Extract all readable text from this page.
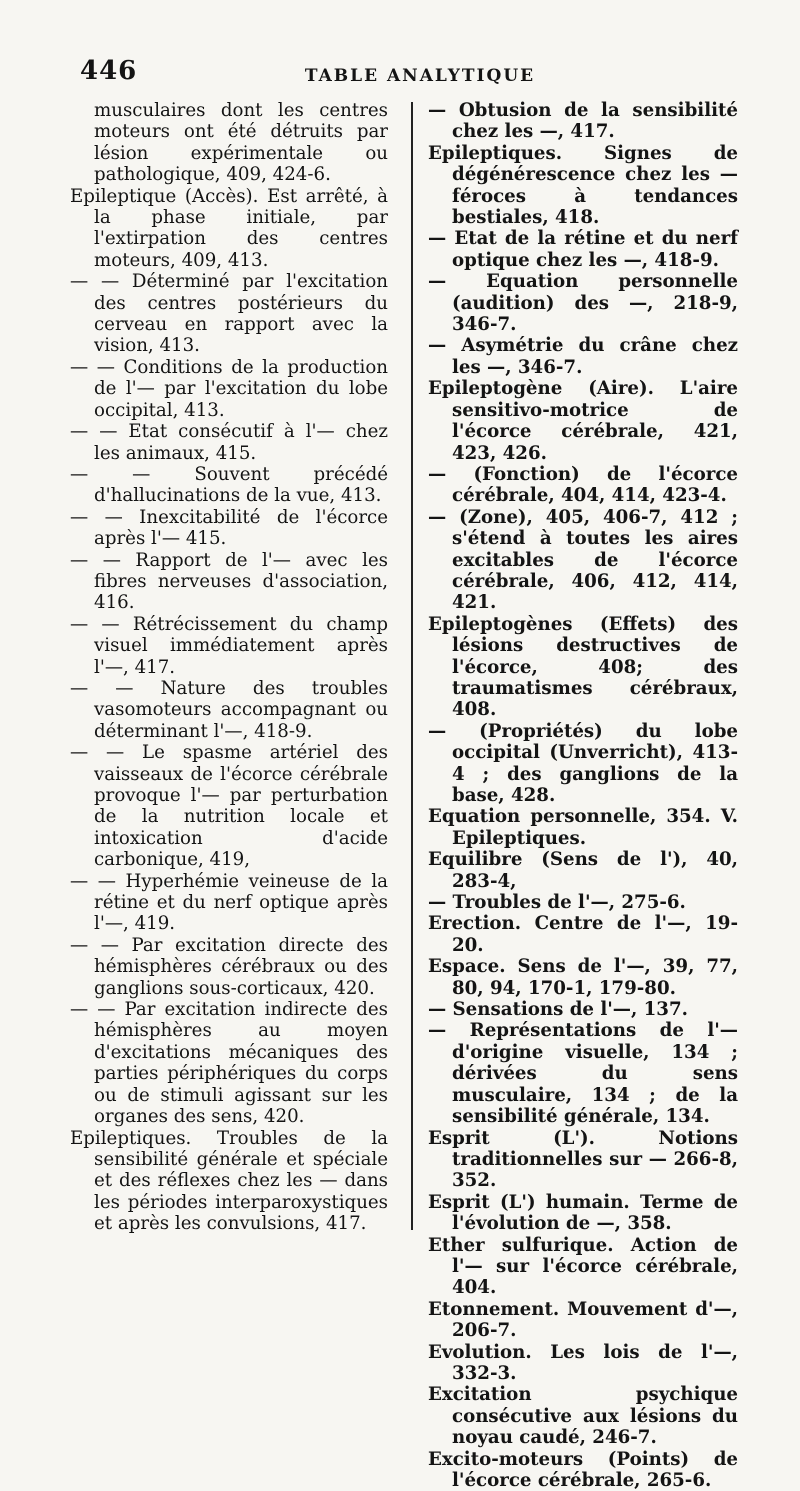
446	TABLE ANALYTIQUE

musculaires dont les centres moteurs ont été détruits par lésion expérimentale ou pathologique, 409, 424-6.

Epileptique (Accès). Est arrêté, à la phase initiale, par l'extirpation des centres moteurs, 409, 413.

— — Déterminé par l'excitation des centres postérieurs du cerveau en rapport avec la vision, 413.

— — Conditions de la production de l'— par l'excitation du lobe occipital, 413.

— — Etat consécutif à l'— chez les animaux, 415.

— — Souvent précédé d'hallucinations de la vue, 413.

— — Inexcitabilité de l'écorce après l'— 415.

— — Rapport de l'— avec les fibres nerveuses d'association, 416.

— — Rétrécissement du champ visuel immédiatement après l'—, 417.

— — Nature des troubles vasomoteurs accompagnant ou déterminant l'—, 418-9.

— — Le spasme artériel des vaisseaux de l'écorce cérébrale provoque l'— par perturbation de la nutrition locale et intoxication d'acide carbonique, 419,

— — Hyperhémie veineuse de la rétine et du nerf optique après l'—, 419.

— — Par excitation directe des hémisphères cérébraux ou des ganglions sous-corticaux, 420.

— — Par excitation indirecte des hémisphères au moyen d'excitations mécaniques des parties périphériques du corps ou de stimuli agissant sur les organes des sens, 420.

Epileptiques. Troubles de la sensibilité générale et spéciale et des réflexes chez les — dans les périodes interparoxystiques et après les convulsions, 417.

— Obtusion de la sensibilité chez les —, 417.

Epileptiques. Signes de dégénérescence chez les — féroces à tendances bestiales, 418.

— Etat de la rétine et du nerf optique chez les —, 418-9.

— Equation personnelle (audition) des —, 218-9, 346-7.

— Asymétrie du crâne chez les —, 346-7.

Epileptogène (Aire). L'aire sensitivo-motrice de l'écorce cérébrale, 421, 423, 426.

— (Fonction) de l'écorce cérébrale, 404, 414, 423-4.

— (Zone), 405, 406-7, 412 ; s'étend à toutes les aires excitables de l'écorce cérébrale, 406, 412, 414, 421.

Epileptogènes (Effets) des lésions destructives de l'écorce, 408; des traumatismes cérébraux, 408.

— (Propriétés) du lobe occipital (Unverricht), 413-4 ; des ganglions de la base, 428.

Equation personnelle, 354. V. Epileptiques.

Equilibre (Sens de l'), 40, 283-4,

— Troubles de l'—, 275-6.

Erection. Centre de l'—, 19-20.

Espace. Sens de l'—, 39, 77, 80, 94, 170-1, 179-80.

— Sensations de l'—, 137.

— Représentations de l'— d'origine visuelle, 134 ; dérivées du sens musculaire, 134 ; de la sensibilité générale, 134.

Esprit (L'). Notions traditionnelles sur — 266-8, 352.

Esprit (L') humain. Terme de l'évolution de —, 358.

Ether sulfurique. Action de l'— sur l'écorce cérébrale, 404.

Etonnement. Mouvement d'—, 206-7.

Evolution. Les lois de l'—, 332-3.

Excitation psychique consécutive aux lésions du noyau caudé, 246-7.

Excito-moteurs (Points) de l'écorce cérébrale, 265-6.
